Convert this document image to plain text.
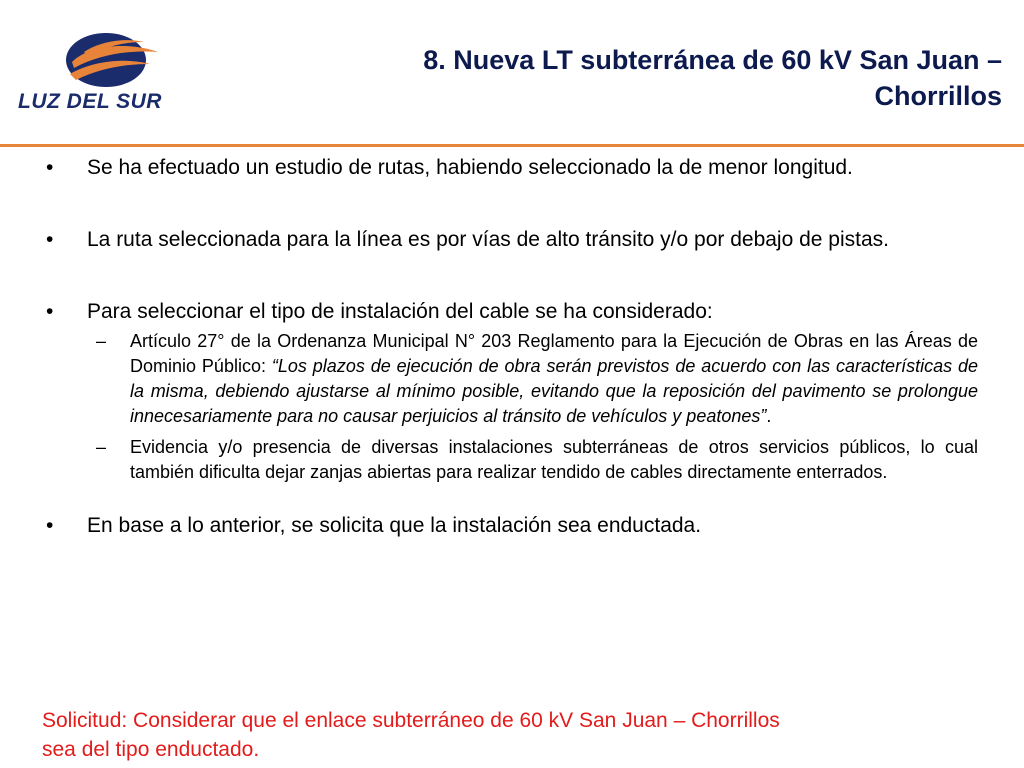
LUZ DEL SUR
8. Nueva LT subterránea de 60 kV San Juan –
Chorrillos

• Se ha efectuado un estudio de rutas, habiendo seleccionado la de menor longitud.

• La ruta seleccionada para la línea es por vías de alto tránsito y/o por debajo de pistas.

• Para seleccionar el tipo de instalación del cable se ha considerado:

– Artículo 27° de la Ordenanza Municipal N° 203 Reglamento para la Ejecución de Obras en las Áreas de Dominio Público: “Los plazos de ejecución de obra serán previstos de acuerdo con las características de la misma, debiendo ajustarse al mínimo posible, evitando que la reposición del pavimento se prolongue innecesariamente para no causar perjuicios al tránsito de vehículos y peatones”.

– Evidencia y/o presencia de diversas instalaciones subterráneas de otros servicios públicos, lo cual también dificulta dejar zanjas abiertas para realizar tendido de cables directamente enterrados.

• En base a lo anterior, se solicita que la instalación sea enductada.

Solicitud: Considerar que el enlace subterráneo de 60 kV San Juan – Chorrillos
sea del tipo enductado.
